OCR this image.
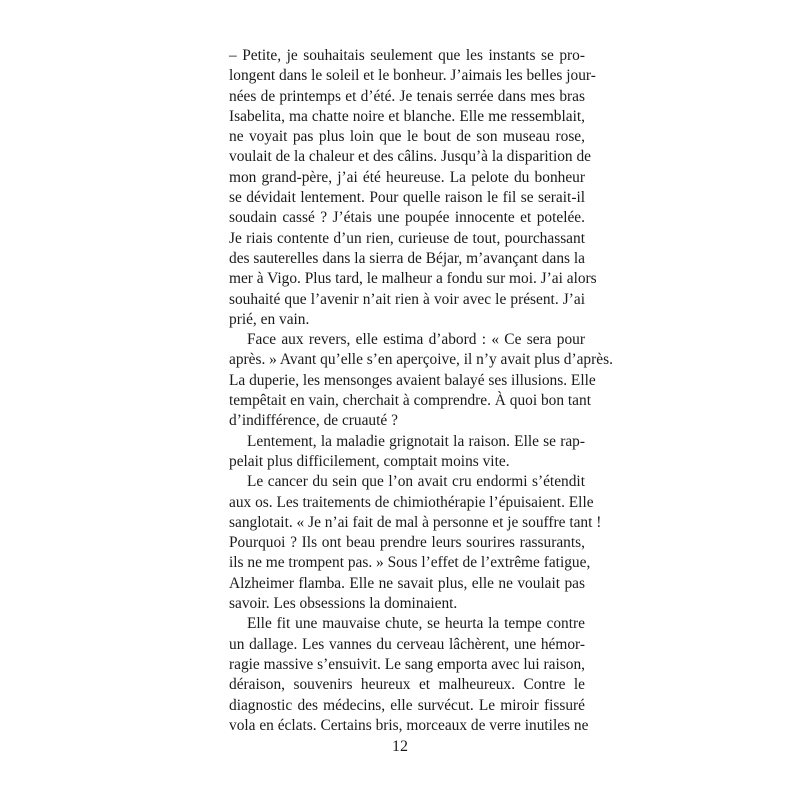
– Petite, je souhaitais seulement que les instants se pro-
longent dans le soleil et le bonheur. J’aimais les belles jour-
nées de printemps et d’été. Je tenais serrée dans mes bras
Isabelita, ma chatte noire et blanche. Elle me ressemblait,
ne voyait pas plus loin que le bout de son museau rose,
voulait de la chaleur et des câlins. Jusqu’à la disparition de
mon grand-père, j’ai été heureuse. La pelote du bonheur
se dévidait lentement. Pour quelle raison le fil se serait-il
soudain cassé ? J’étais une poupée innocente et potelée.
Je riais contente d’un rien, curieuse de tout, pourchassant
des sauterelles dans la sierra de Béjar, m’avançant dans la
mer à Vigo. Plus tard, le malheur a fondu sur moi. J’ai alors
souhaité que l’avenir n’ait rien à voir avec le présent. J’ai
prié, en vain.
Face aux revers, elle estima d’abord : « Ce sera pour
après. » Avant qu’elle s’en aperçoive, il n’y avait plus d’après.
La duperie, les mensonges avaient balayé ses illusions. Elle
tempêtait en vain, cherchait à comprendre. À quoi bon tant
d’indifférence, de cruauté ?
Lentement, la maladie grignotait la raison. Elle se rap-
pelait plus difficilement, comptait moins vite.
Le cancer du sein que l’on avait cru endormi s’étendit
aux os. Les traitements de chimiothérapie l’épuisaient. Elle
sanglotait. « Je n’ai fait de mal à personne et je souffre tant !
Pourquoi ? Ils ont beau prendre leurs sourires rassurants,
ils ne me trompent pas. » Sous l’effet de l’extrême fatigue,
Alzheimer flamba. Elle ne savait plus, elle ne voulait pas
savoir. Les obsessions la dominaient.
Elle fit une mauvaise chute, se heurta la tempe contre
un dallage. Les vannes du cerveau lâchèrent, une hémor-
ragie massive s’ensuivit. Le sang emporta avec lui raison,
déraison, souvenirs heureux et malheureux. Contre le
diagnostic des médecins, elle survécut. Le miroir fissuré
vola en éclats. Certains bris, morceaux de verre inutiles ne
12
